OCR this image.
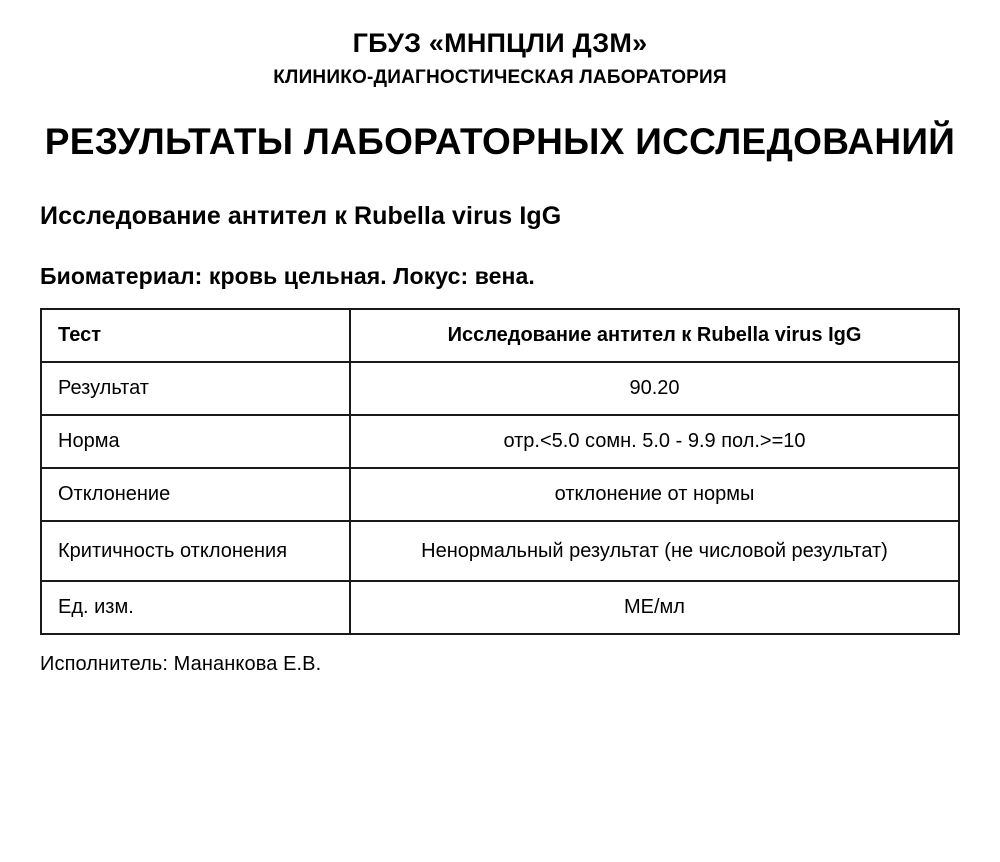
ГБУЗ «МНПЦЛИ ДЗМ»
КЛИНИКО-ДИАГНОСТИЧЕСКАЯ ЛАБОРАТОРИЯ
РЕЗУЛЬТАТЫ ЛАБОРАТОРНЫХ ИССЛЕДОВАНИЙ
Исследование антител к Rubella virus IgG
Биоматериал: кровь цельная. Локус: вена.
Тест	Исследование антител к Rubella virus IgG
Результат	90.20
Норма	отр.<5.0 сомн. 5.0 - 9.9 пол.>=10
Отклонение	отклонение от нормы
Критичность отклонения	Ненормальный результат (не числовой результат)
Ед. изм.	МЕ/мл
Исполнитель: Мананкова Е.В.
